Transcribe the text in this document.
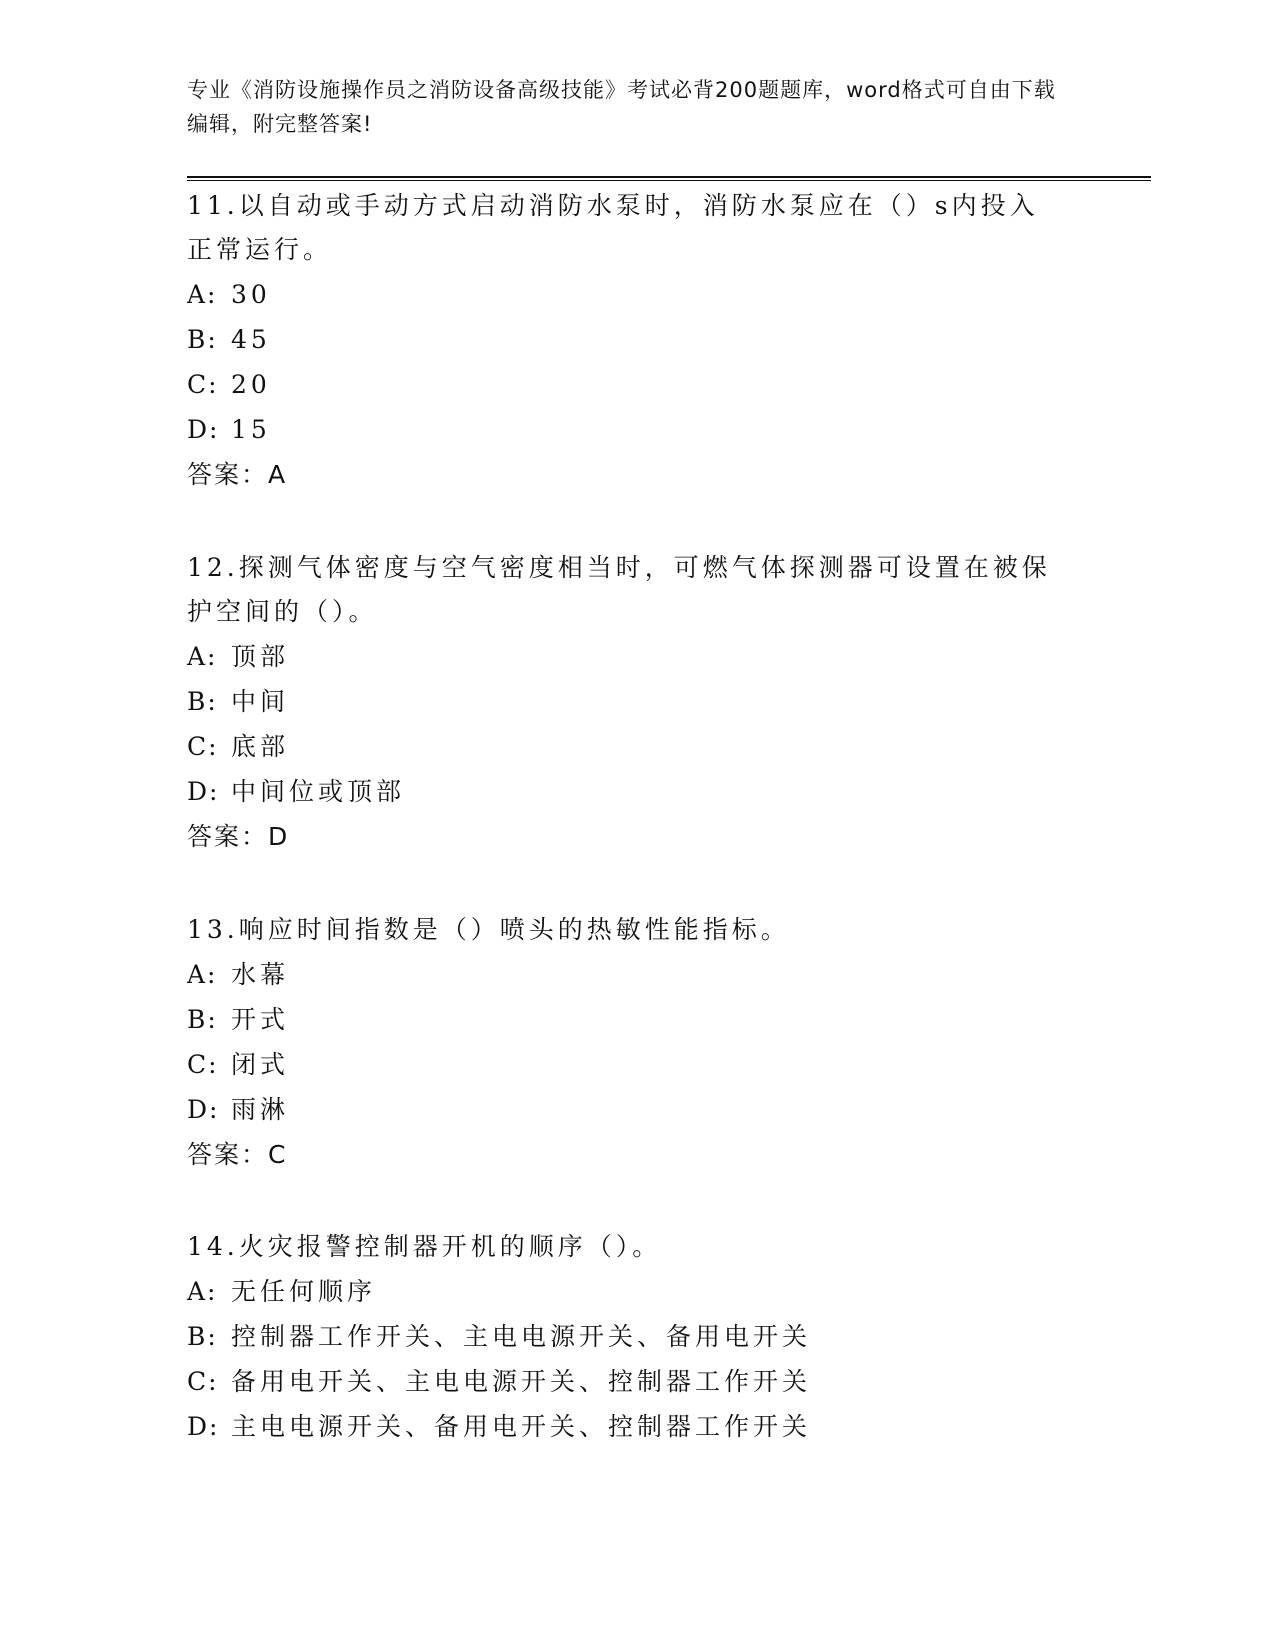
专业《消防设施操作员之消防设备高级技能》考试必背200题题库，word格式可自由下载编辑，附完整答案!

11.以自动或手动方式启动消防水泵时，消防水泵应在（）s内投入正常运行。

A: 30

B: 45

C: 20

D: 15

答案：A

12.探测气体密度与空气密度相当时，可燃气体探测器可设置在被保护空间的（）。

A: 顶部

B: 中间

C: 底部

D: 中间位或顶部

答案：D

13.响应时间指数是（）喷头的热敏性能指标。

A: 水幕

B: 开式

C: 闭式

D: 雨淋

答案：C

14.火灾报警控制器开机的顺序（）。

A: 无任何顺序

B: 控制器工作开关、主电电源开关、备用电开关

C: 备用电开关、主电电源开关、控制器工作开关

D: 主电电源开关、备用电开关、控制器工作开关
